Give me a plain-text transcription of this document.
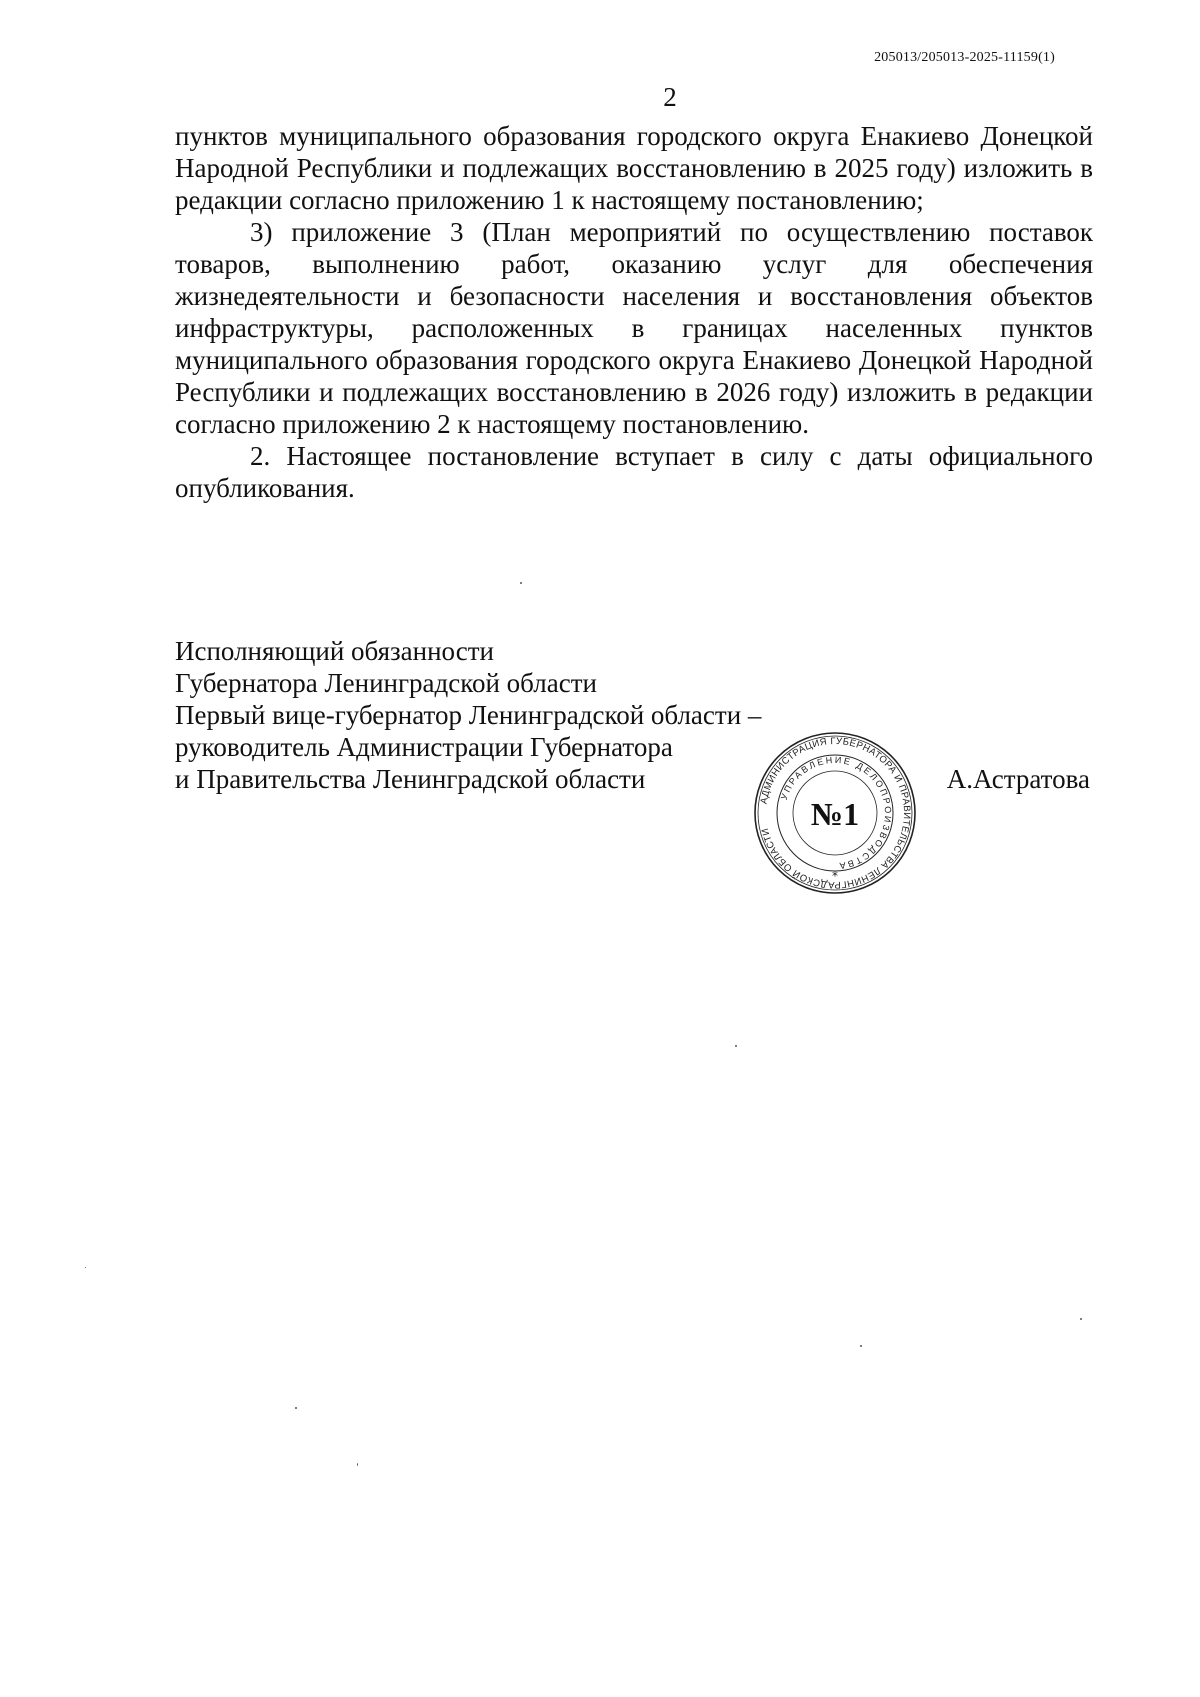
205013/205013-2025-11159(1)
2

пунктов муниципального образования городского округа Енакиево Донецкой Народной Республики и подлежащих восстановлению в 2025 году) изложить в редакции согласно приложению 1 к настоящему постановлению;

3) приложение 3 (План мероприятий по осуществлению поставок товаров, выполнению работ, оказанию услуг для обеспечения жизнедеятельности и безопасности населения и восстановления объектов инфраструктуры, расположенных в границах населенных пунктов муниципального образования городского округа Енакиево Донецкой Народной Республики и подлежащих восстановлению в 2026 году) изложить в редакции согласно приложению 2 к настоящему постановлению.

2. Настоящее постановление вступает в силу с даты официального опубликования.

Исполняющий обязанности
Губернатора Ленинградской области
Первый вице-губернатор Ленинградской области –
руководитель Администрации Губернатора
и Правительства Ленинградской области	А.Астратова
АДМИНИСТРАЦИЯ ГУБЕРНАТОРА И ПРАВИТЕЛЬСТВА ЛЕНИНГРАДСКОЙ ОБЛАСТИ
УПРАВЛЕНИЕ ДЕЛОПРОИЗВОДСТВА
№1
*
